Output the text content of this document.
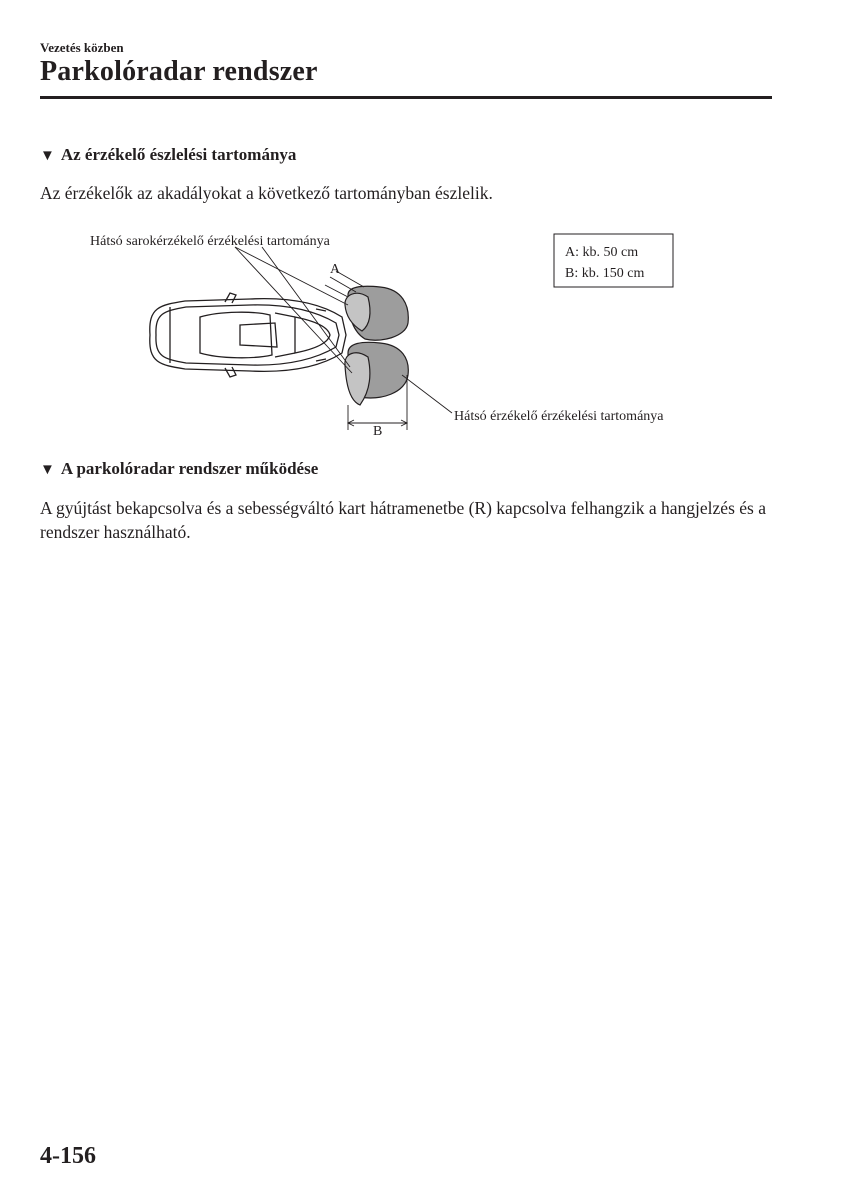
Vezetés közben
Parkolóradar rendszer
▼ Az érzékelő észlelési tartománya
Az érzékelők az akadályokat a következő tartományban észlelik.
A
B
Hátsó sarokérzékelő érzékelési tartománya
Hátsó érzékelő érzékelési tartománya
A: kb. 50 cm
B: kb. 150 cm
▼ A parkolóradar rendszer működése
A gyújtást bekapcsolva és a sebességváltó kart hátramenetbe (R) kapcsolva felhangzik a hangjelzés és a rendszer használható.
4-156
